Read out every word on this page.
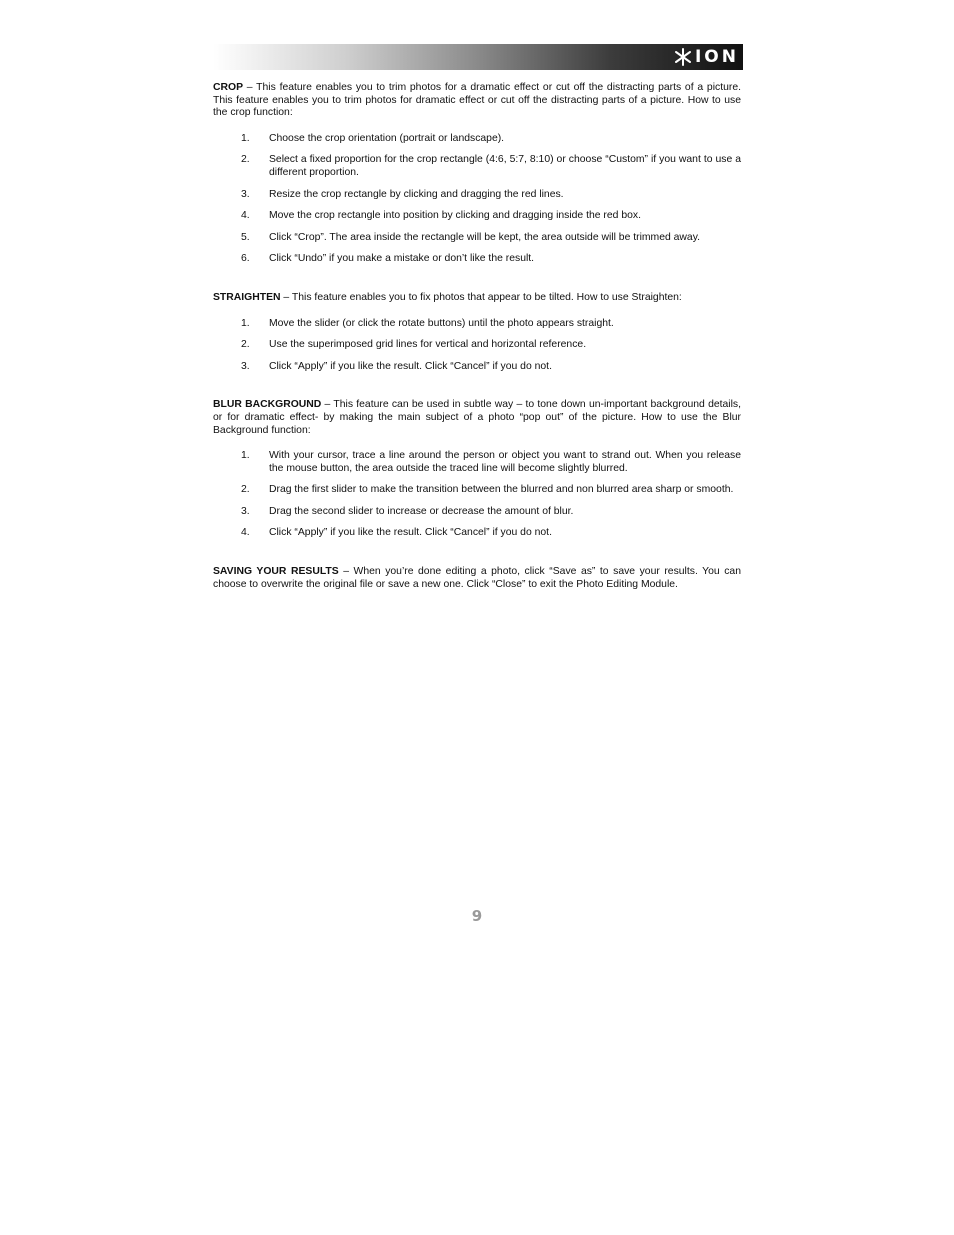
ION

CROP – This feature enables you to trim photos for a dramatic effect or cut off the distracting parts of a picture. This feature enables you to trim photos for dramatic effect or cut off the distracting parts of a picture. How to use the crop function:

1. Choose the crop orientation (portrait or landscape).
2. Select a fixed proportion for the crop rectangle (4:6, 5:7, 8:10) or choose “Custom” if you want to use a different proportion.
3. Resize the crop rectangle by clicking and dragging the red lines.
4. Move the crop rectangle into position by clicking and dragging inside the red box.
5. Click “Crop”. The area inside the rectangle will be kept, the area outside will be trimmed away.
6. Click “Undo” if you make a mistake or don’t like the result.

STRAIGHTEN – This feature enables you to fix photos that appear to be tilted. How to use Straighten:

1. Move the slider (or click the rotate buttons) until the photo appears straight.
2. Use the superimposed grid lines for vertical and horizontal reference.
3. Click “Apply” if you like the result. Click “Cancel” if you do not.

BLUR BACKGROUND – This feature can be used in subtle way – to tone down un-important background details, or for dramatic effect- by making the main subject of a photo “pop out” of the picture. How to use the Blur Background function:

1. With your cursor, trace a line around the person or object you want to strand out. When you release the mouse button, the area outside the traced line will become slightly blurred.
2. Drag the first slider to make the transition between the blurred and non blurred area sharp or smooth.
3. Drag the second slider to increase or decrease the amount of blur.
4. Click “Apply” if you like the result. Click “Cancel” if you do not.

SAVING YOUR RESULTS – When you’re done editing a photo, click “Save as” to save your results. You can choose to overwrite the original file or save a new one. Click “Close” to exit the Photo Editing Module.

9
